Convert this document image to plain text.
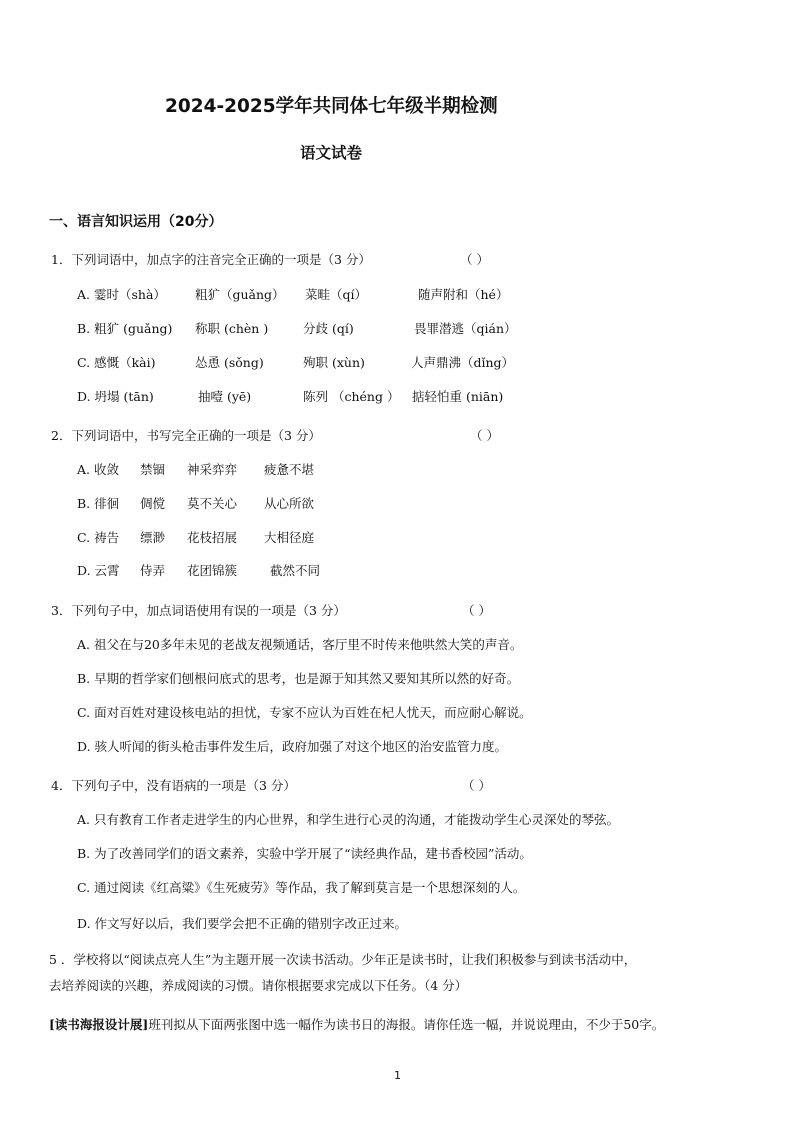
2024-2025学年共同体七年级半期检测
语文试卷
一、语言知识运用（20分）
1．下列词语中，加点字的注音完全正确的一项是（3 分）	（ ）
A. 霎时（shà） 粗犷（guǎng） 菜畦（qí）	随声附和（hé）
B. 粗犷 (guǎng) 称职 (chèn )	分歧 (qí)	畏罪潜逃（qián）
C. 感慨（kài)	怂恿 (sǒng)	殉职 (xùn)	人声鼎沸（dǐng）
D. 坍塌 (tān)	抽噎 (yē)	陈列 （chéng ） 掂轻怕重 (niān)
2．下列词语中，书写完全正确的一项是（3 分）	（ ）
A. 收敛 禁锢 神采弈弈 疲惫不堪
B. 徘徊 倜傥 莫不关心 从心所欲
C. 祷告 缥渺 花枝招展 大相径庭
D. 云霄 侍弄 花团锦簇	截然不同
3．下列句子中，加点词语使用有误的一项是（3 分）	（ ）
A. 祖父在与20多年未见的老战友视频通话，客厅里不时传来他哄然大笑的声音。
B. 早期的哲学家们刨根问底式的思考，也是源于知其然又要知其所以然的好奇。
C. 面对百姓对建设核电站的担忧，专家不应认为百姓在杞人忧天，而应耐心解说。
D. 骇人听闻的街头枪击事件发生后，政府加强了对这个地区的治安监管力度。
4．下列句子中，没有语病的一项是（3 分）	（ ）
A. 只有教育工作者走进学生的内心世界，和学生进行心灵的沟通，才能拨动学生心灵深处的琴弦。
B. 为了改善同学们的语文素养，实验中学开展了“读经典作品，建书香校园”活动。
C. 通过阅读《红高粱》《生死疲劳》等作品，我了解到莫言是一个思想深刻的人。
D. 作文写好以后，我们要学会把不正确的错别字改正过来。
5 ．学校将以“阅读点亮人生”为主题开展一次读书活动。少年正是读书时，让我们积极参与到读书活动中，
去培养阅读的兴趣，养成阅读的习惯。请你根据要求完成以下任务。（4 分）
[读书海报设计展]班刊拟从下面两张图中选一幅作为读书日的海报。请你任选一幅，并说说理由，不少于50字。
1
